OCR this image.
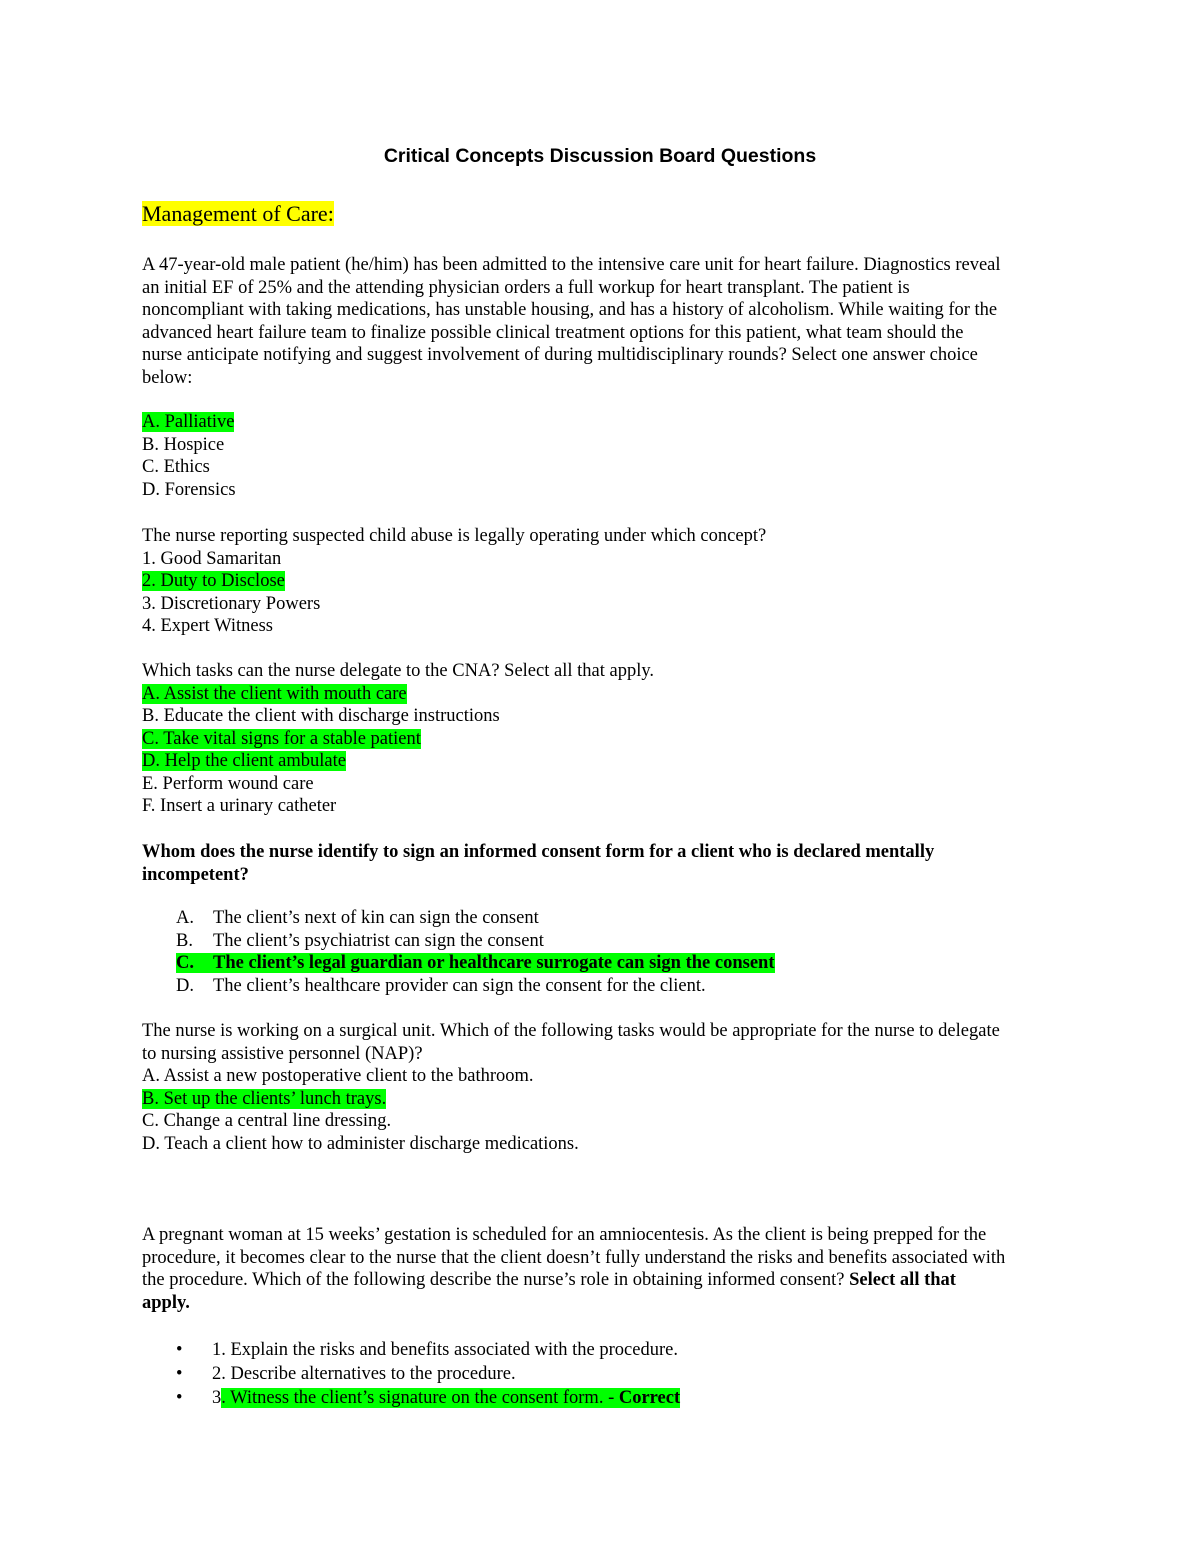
Critical Concepts Discussion Board Questions
Management of Care:
A 47-year-old male patient (he/him) has been admitted to the intensive care unit for heart failure. Diagnostics reveal
an initial EF of 25% and the attending physician orders a full workup for heart transplant. The patient is
noncompliant with taking medications, has unstable housing, and has a history of alcoholism. While waiting for the
advanced heart failure team to finalize possible clinical treatment options for this patient, what team should the
nurse anticipate notifying and suggest involvement of during multidisciplinary rounds? Select one answer choice
below:
A. Palliative
B. Hospice
C. Ethics
D. Forensics
The nurse reporting suspected child abuse is legally operating under which concept?
1. Good Samaritan
2. Duty to Disclose
3. Discretionary Powers
4. Expert Witness
Which tasks can the nurse delegate to the CNA? Select all that apply.
A. Assist the client with mouth care
B. Educate the client with discharge instructions
C. Take vital signs for a stable patient
D. Help the client ambulate
E. Perform wound care
F. Insert a urinary catheter
Whom does the nurse identify to sign an informed consent form for a client who is declared mentally
incompetent?
A. The client’s next of kin can sign the consent
B. The client’s psychiatrist can sign the consent
C. The client’s legal guardian or healthcare surrogate can sign the consent
D. The client’s healthcare provider can sign the consent for the client.
The nurse is working on a surgical unit. Which of the following tasks would be appropriate for the nurse to delegate
to nursing assistive personnel (NAP)?
A. Assist a new postoperative client to the bathroom.
B. Set up the clients’ lunch trays.
C. Change a central line dressing.
D. Teach a client how to administer discharge medications.
A pregnant woman at 15 weeks’ gestation is scheduled for an amniocentesis. As the client is being prepped for the
procedure, it becomes clear to the nurse that the client doesn’t fully understand the risks and benefits associated with
the procedure. Which of the following describe the nurse’s role in obtaining informed consent? Select all that
apply.
• 1. Explain the risks and benefits associated with the procedure.
• 2. Describe alternatives to the procedure.
• 3. Witness the client’s signature on the consent form. - Correct
